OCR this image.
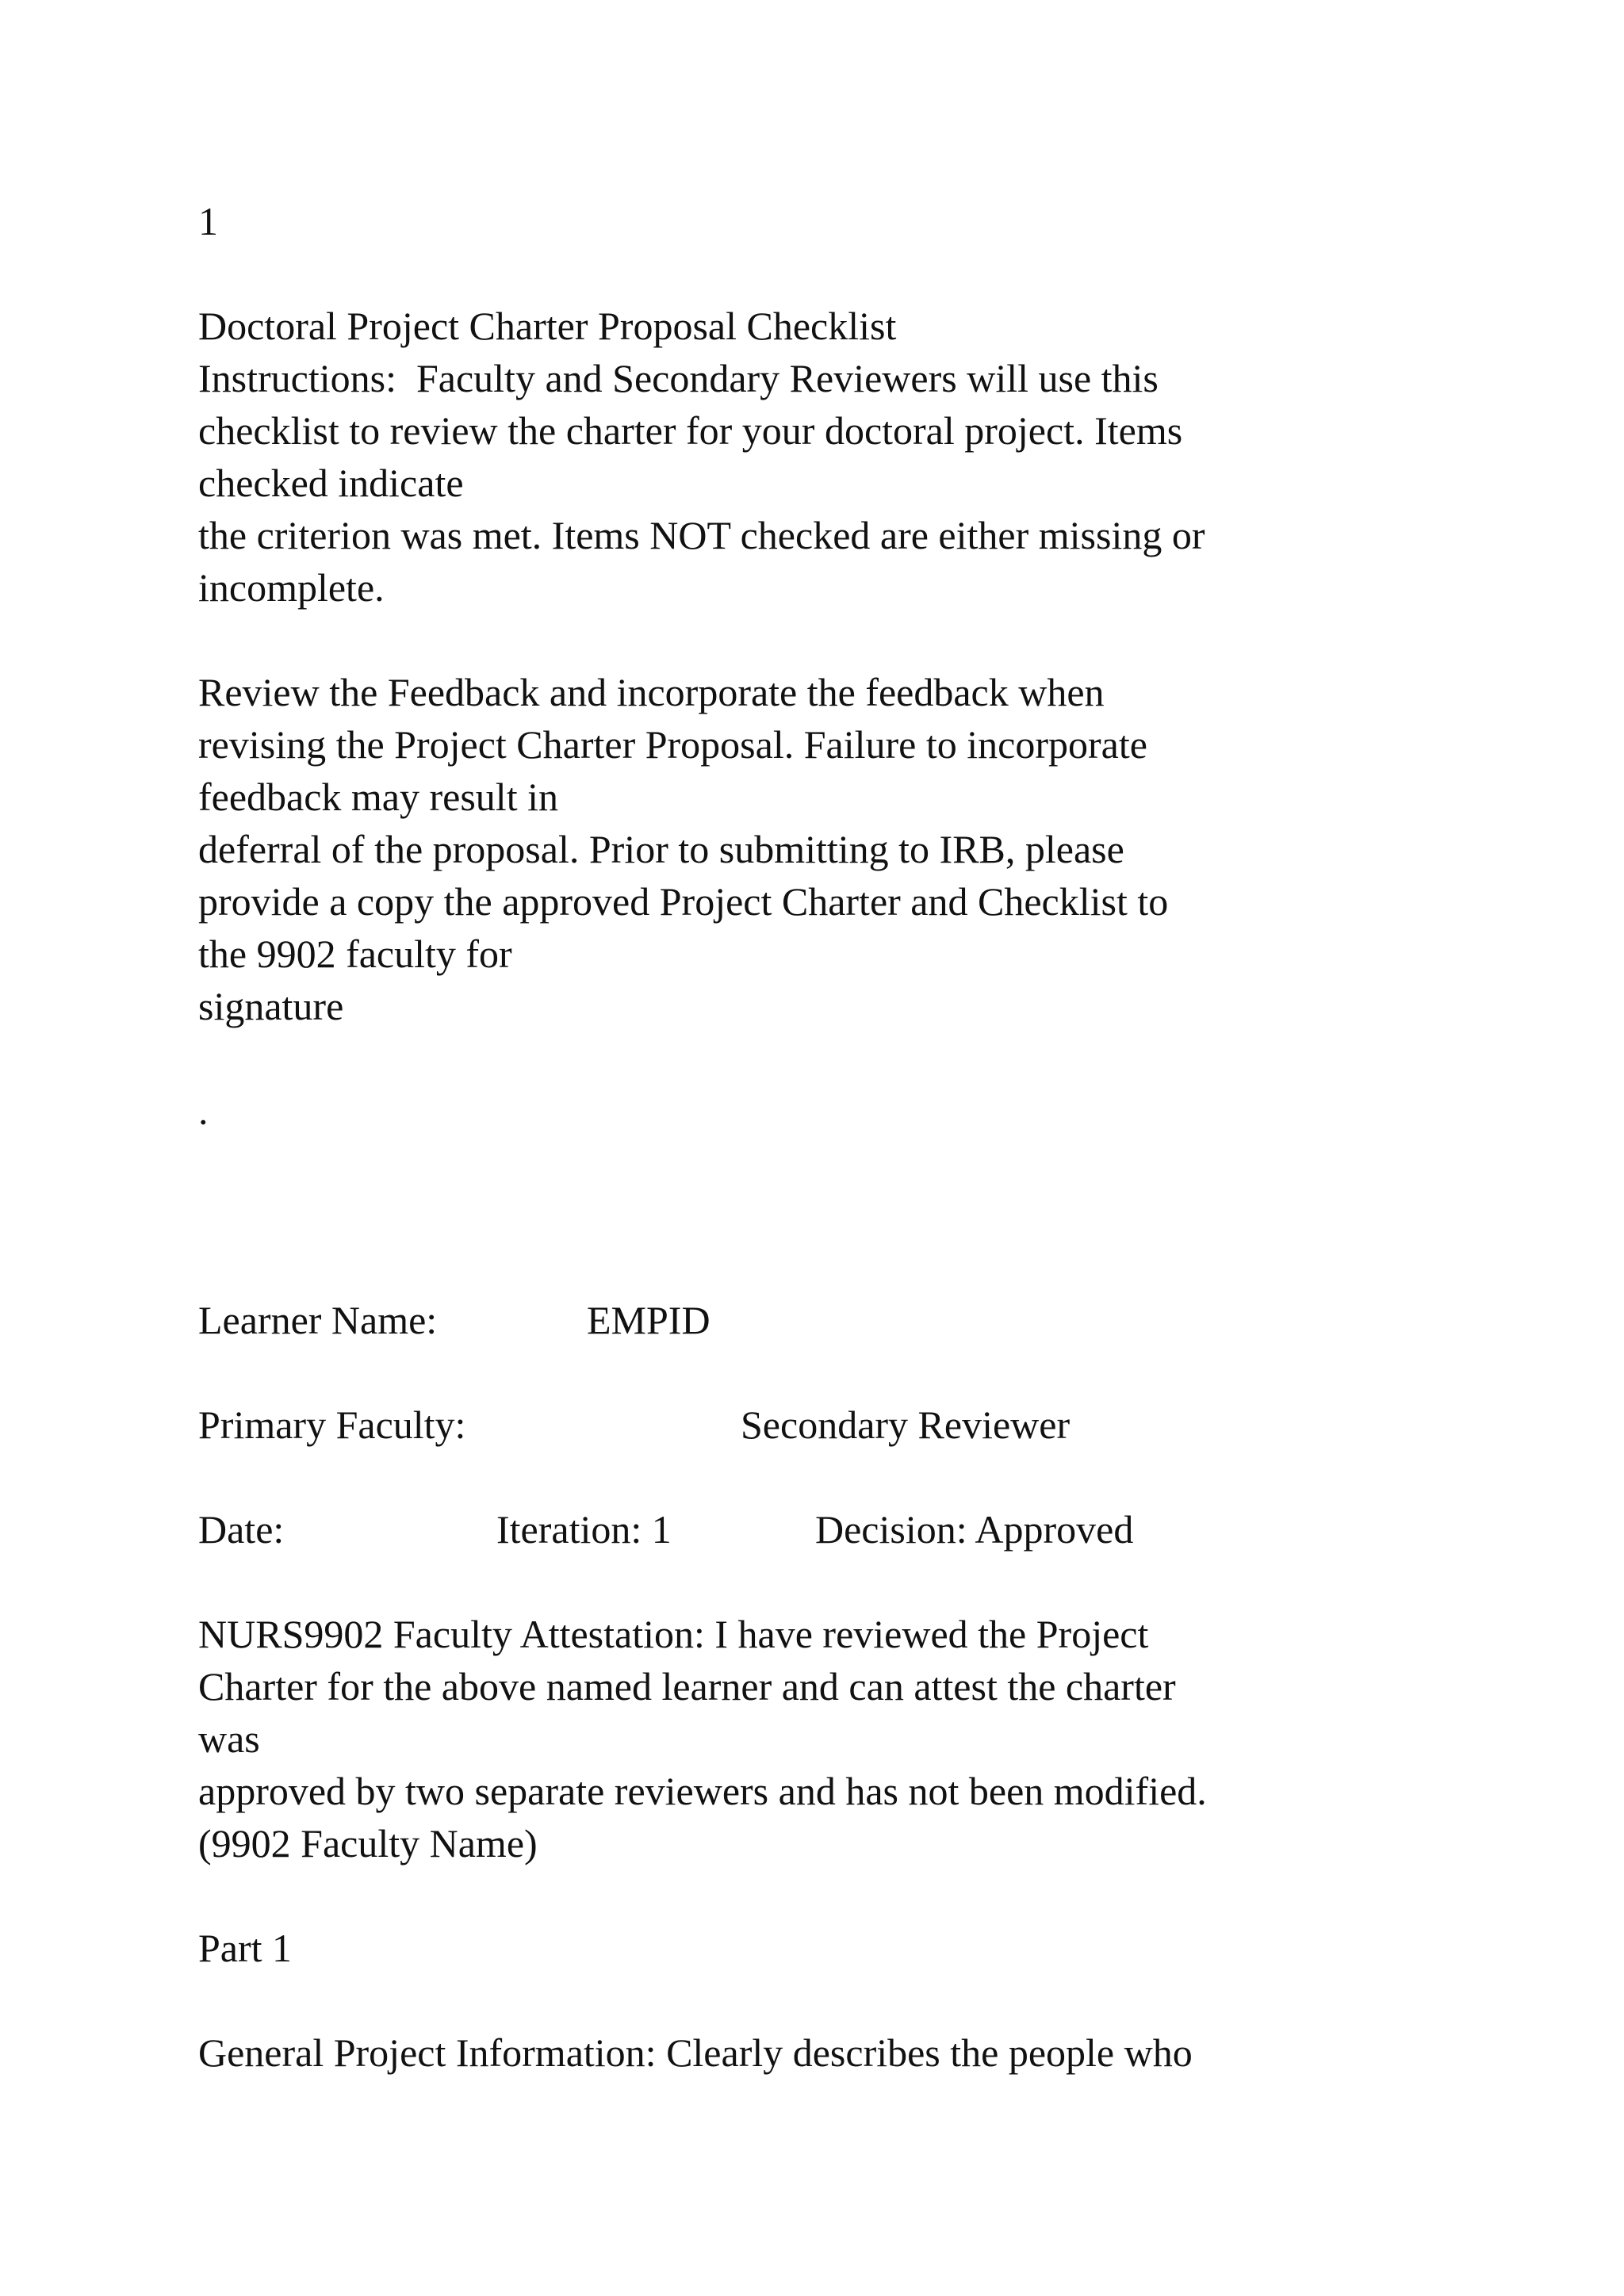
1

Doctoral Project Charter Proposal Checklist

Instructions:  Faculty and Secondary Reviewers will use this

checklist to review the charter for your doctoral project. Items

checked indicate

the criterion was met. Items NOT checked are either missing or

incomplete.

Review the Feedback and incorporate the feedback when

revising the Project Charter Proposal. Failure to incorporate

feedback may result in

deferral of the proposal. Prior to submitting to IRB, please

provide a copy the approved Project Charter and Checklist to

the 9902 faculty for

signature

.

Learner Name:	EMPID

Primary Faculty:	Secondary Reviewer

Date:	Iteration: 1	Decision: Approved

NURS9902 Faculty Attestation: I have reviewed the Project

Charter for the above named learner and can attest the charter

was

approved by two separate reviewers and has not been modified.

(9902 Faculty Name)

Part 1

General Project Information: Clearly describes the people who
